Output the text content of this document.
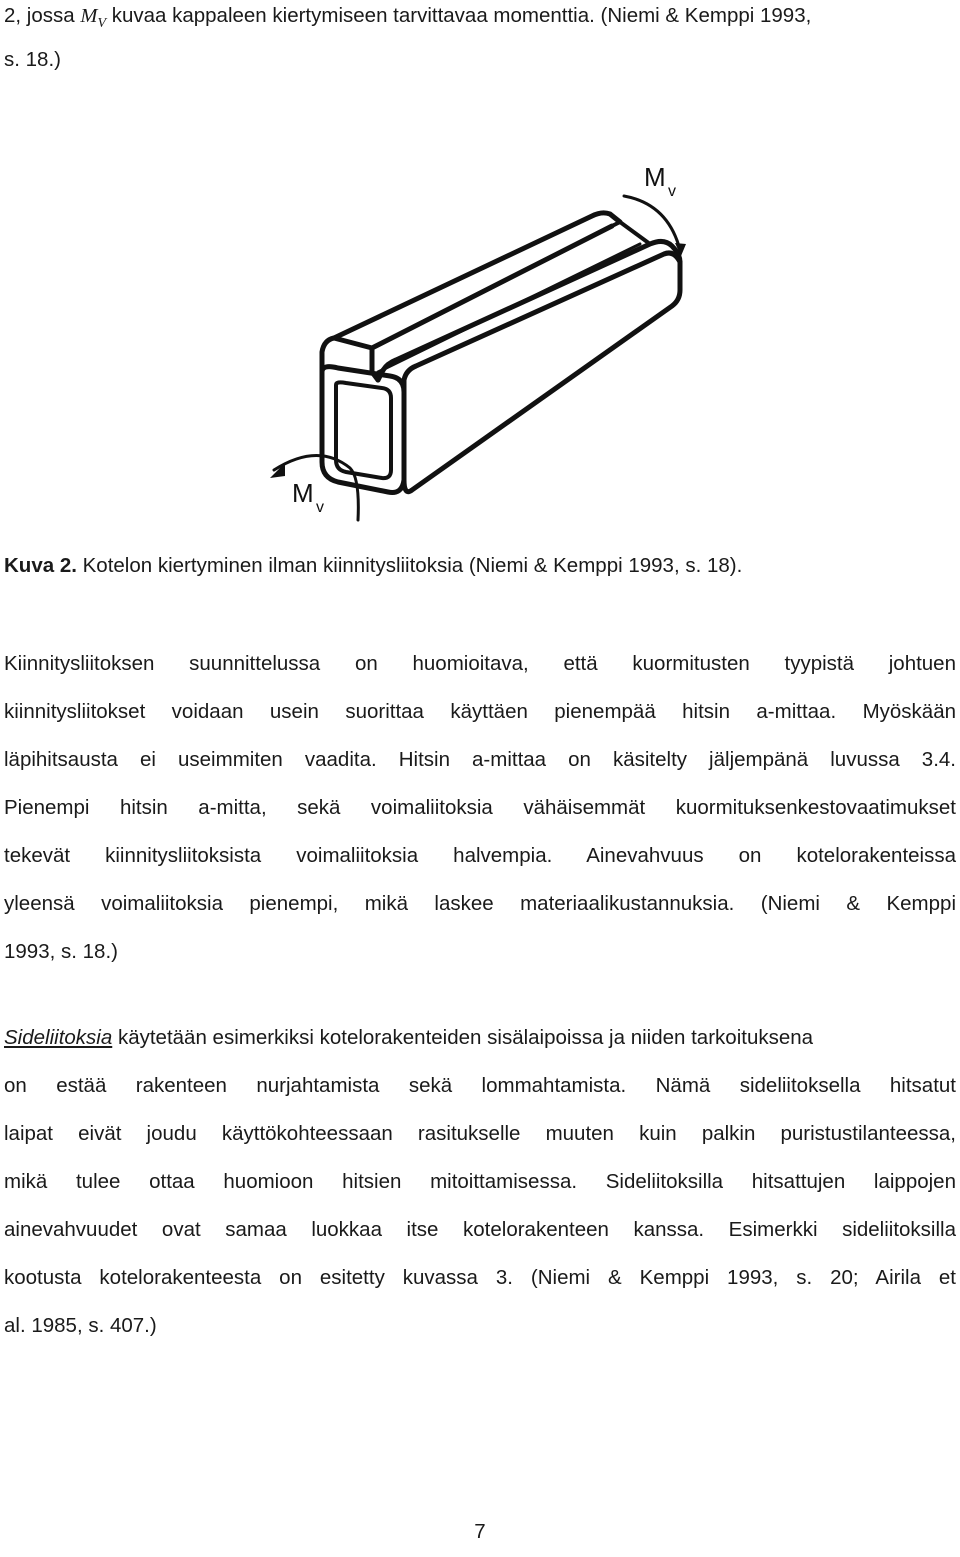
2, jossa $M_V$ kuvaa kappaleen kiertymiseen tarvittavaa momenttia. (Niemi & Kemppi 1993,
s. 18.)
M v
M v
Kuva 2. Kotelon kiertyminen ilman kiinnitysliitoksia (Niemi & Kemppi 1993, s. 18).
Kiinnitysliitoksen suunnittelussa on huomioitava, että kuormitusten tyypistä johtuen
kiinnitysliitokset voidaan usein suorittaa käyttäen pienempää hitsin a-mittaa. Myöskään
läpihitsausta ei useimmiten vaadita. Hitsin a-mittaa on käsitelty jäljempänä luvussa 3.4.
Pienempi hitsin a-mitta, sekä voimaliitoksia vähäisemmät kuormituksenkestovaatimukset
tekevät kiinnitysliitoksista voimaliitoksia halvempia. Ainevahvuus on kotelorakenteissa
yleensä voimaliitoksia pienempi, mikä laskee materiaalikustannuksia. (Niemi & Kemppi
1993, s. 18.)
Sideliitoksia käytetään esimerkiksi kotelorakenteiden sisälaipoissa ja niiden tarkoituksena
on estää rakenteen nurjahtamista sekä lommahtamista. Nämä sideliitoksella hitsatut
laipat eivät joudu käyttökohteessaan rasitukselle muuten kuin palkin puristustilanteessa,
mikä tulee ottaa huomioon hitsien mitoittamisessa. Sideliitoksilla hitsattujen laippojen
ainevahvuudet ovat samaa luokkaa itse kotelorakenteen kanssa. Esimerkki sideliitoksilla
kootusta kotelorakenteesta on esitetty kuvassa 3. (Niemi & Kemppi 1993, s. 20; Airila et
al. 1985, s. 407.)
7
